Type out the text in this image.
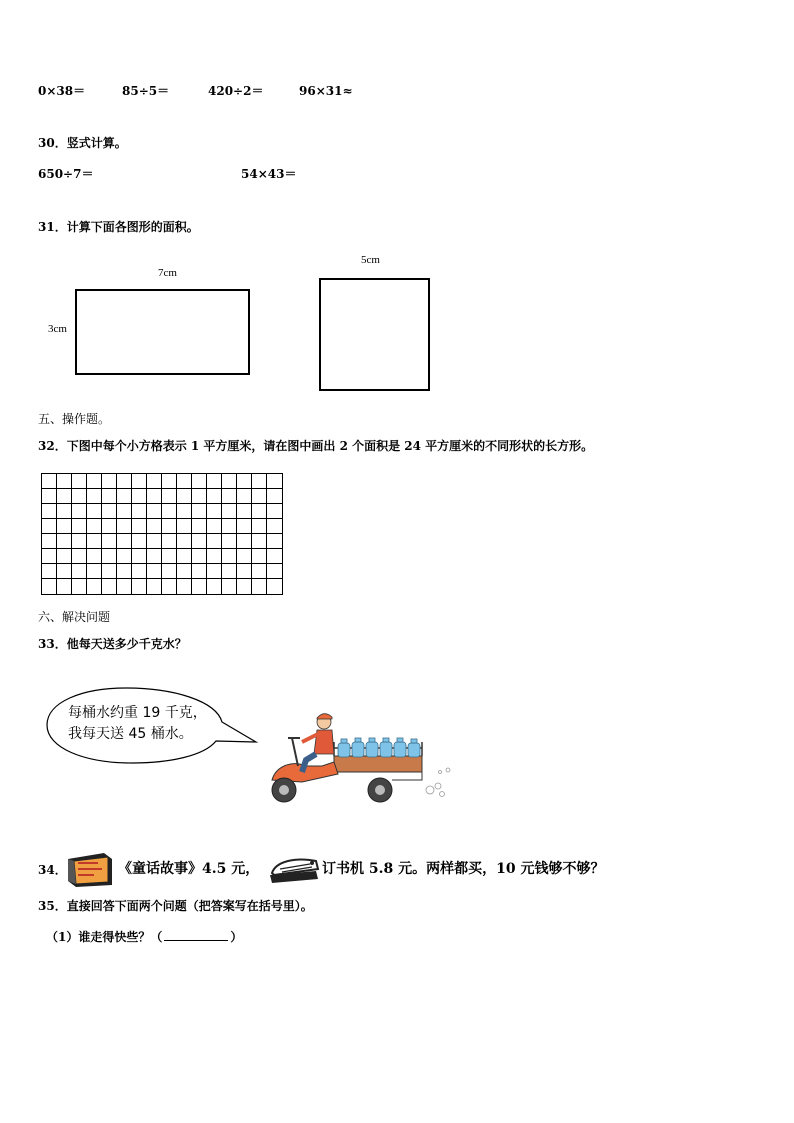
0×38＝	85÷5＝	420÷2＝	96×31≈
30．竖式计算。
650÷7＝	54×43＝
31．计算下面各图形的面积。
7cm
3cm
5cm
五、操作题。
32．下图中每个小方格表示 1 平方厘米，请在图中画出 2 个面积是 24 平方厘米的不同形状的长方形。
六、解决问题
33．他每天送多少千克水？
每桶水约重 19 千克，
我每天送 45 桶水。
34．	《童话故事》4.5 元，	订书机 5.8 元。两样都买，10 元钱够不够？
35．直接回答下面两个问题（把答案写在括号里）。
（1）谁走得快些？（	）
